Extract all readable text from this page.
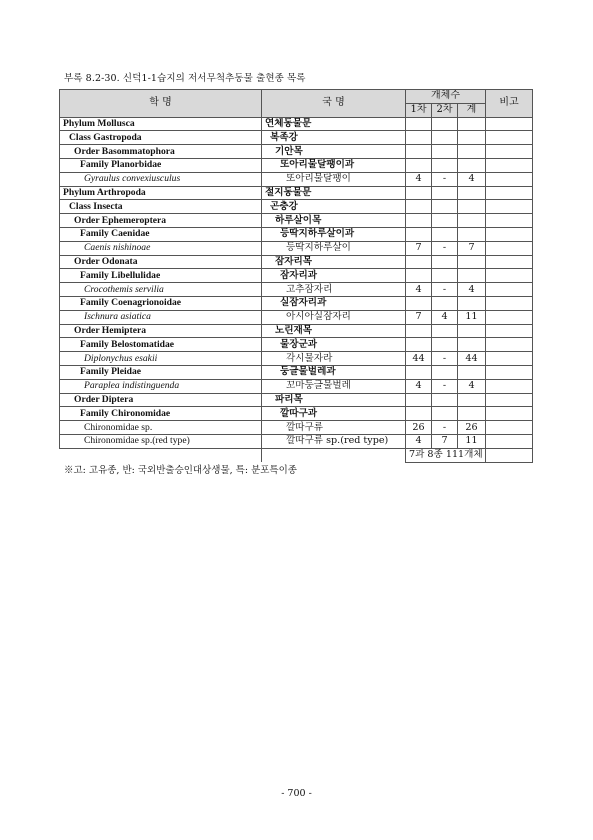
부록 8.2-30. 신덕1-1습지의 저서무척추동물 출현종 목록
학 명	국 명	개체수			비고
		1차	2차	계	
Phylum Mollusca	연체동물문				
Class Gastropoda	복족강				
Order Basommatophora	기안목				
Family Planorbidae	또아리물달팽이과				
Gyraulus convexiusculus	또아리물달팽이	4	-	4	
Phylum Arthropoda	절지동물문				
Class Insecta	곤충강				
Order Ephemeroptera	하루살이목				
Family Caenidae	등딱지하루살이과				
Caenis nishinoae	등딱지하루살이	7	-	7	
Order Odonata	잠자리목				
Family Libellulidae	잠자리과				
Crocothemis servilia	고추잠자리	4	-	4	
Family Coenagrionoidae	실잠자리과				
Ischnura asiatica	아시아실잠자리	7	4	11	
Order Hemiptera	노린재목				
Family Belostomatidae	물장군과				
Diplonychus esakii	각시물자라	44	-	44	
Family Pleidae	둥글물벌레과				
Paraplea indistinguenda	꼬마둥글물벌레	4	-	4	
Order Diptera	파리목				
Family Chironomidae	깔따구과				
Chironomidae sp.	깔따구류	26	-	26	
Chironomidae sp.(red type)	깔따구류 sp.(red type)	4	7	11	
		7과 8종 111개체			
※고: 고유종, 반: 국외반출승인대상생물, 특: 분포특이종
- 700 -
